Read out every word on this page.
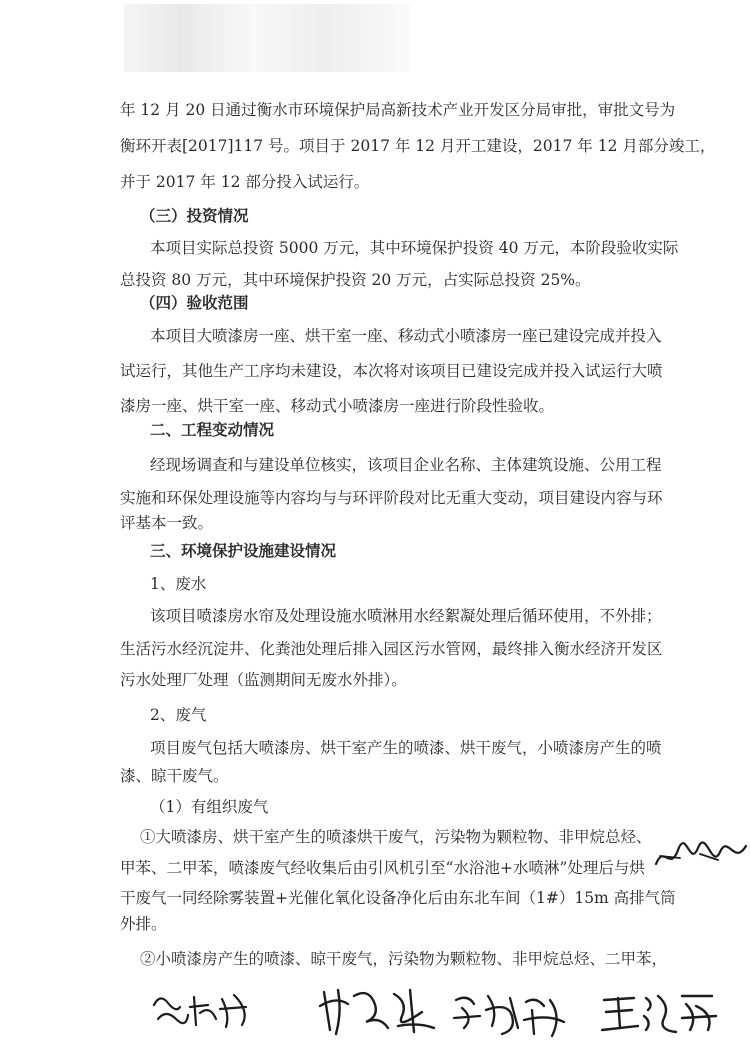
年 12 月 20 日通过衡水市环境保护局高新技术产业开发区分局审批，审批文号为
衡环开表[2017]117 号。项目于 2017 年 12 月开工建设，2017 年 12 月部分竣工，
并于 2017 年 12 部分投入试运行。
（三）投资情况
本项目实际总投资 5000 万元，其中环境保护投资 40 万元，本阶段验收实际
总投资 80 万元，其中环境保护投资 20 万元，占实际总投资 25%。
（四）验收范围
本项目大喷漆房一座、烘干室一座、移动式小喷漆房一座已建设完成并投入
试运行，其他生产工序均未建设，本次将对该项目已建设完成并投入试运行大喷
漆房一座、烘干室一座、移动式小喷漆房一座进行阶段性验收。
二、工程变动情况
经现场调查和与建设单位核实，该项目企业名称、主体建筑设施、公用工程
实施和环保处理设施等内容均与与环评阶段对比无重大变动，项目建设内容与环
评基本一致。
三、环境保护设施建设情况
1、废水
该项目喷漆房水帘及处理设施水喷淋用水经絮凝处理后循环使用，不外排；
生活污水经沉淀井、化粪池处理后排入园区污水管网，最终排入衡水经济开发区
污水处理厂处理（监测期间无废水外排）。
2、废气
项目废气包括大喷漆房、烘干室产生的喷漆、烘干废气，小喷漆房产生的喷
漆、晾干废气。
（1）有组织废气
①大喷漆房、烘干室产生的喷漆烘干废气，污染物为颗粒物、非甲烷总烃、
甲苯、二甲苯，喷漆废气经收集后由引风机引至“水浴池+水喷淋”处理后与烘
干废气一同经除雾装置+光催化氧化设备净化后由东北车间（1#）15m 高排气筒
外排。
②小喷漆房产生的喷漆、晾干废气，污染物为颗粒物、非甲烷总烃、二甲苯，
